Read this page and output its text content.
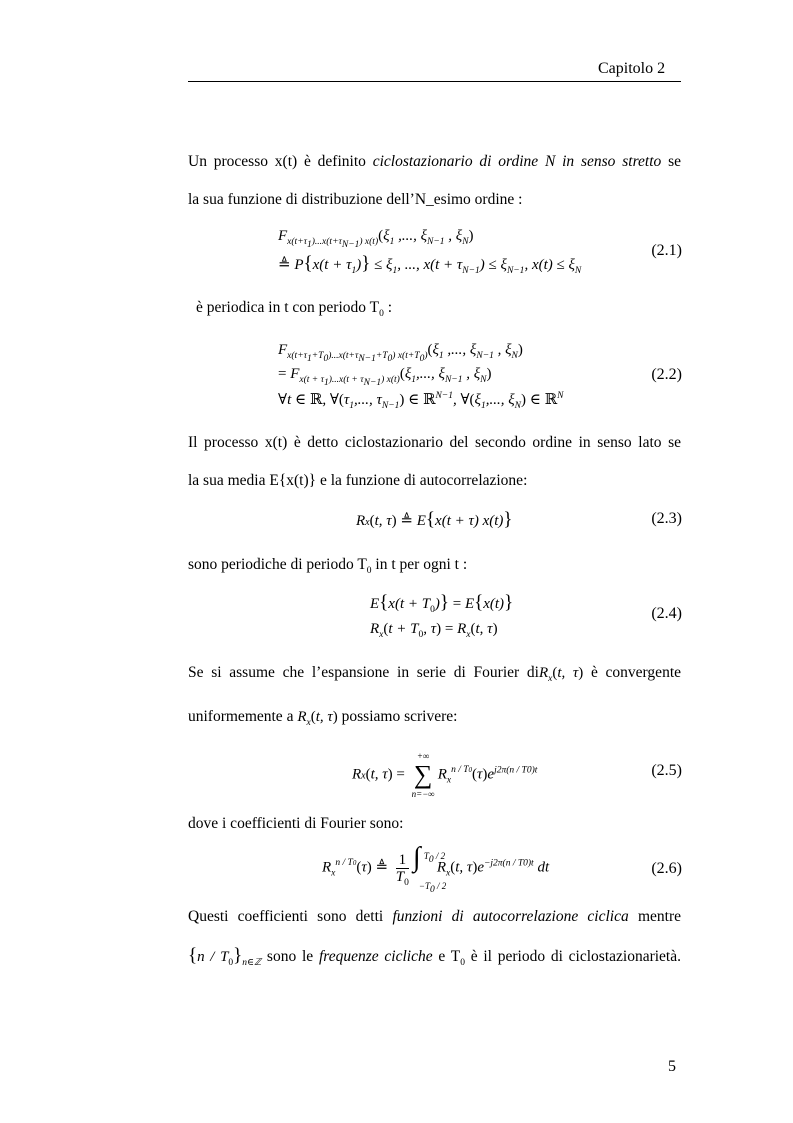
Capitolo 2
Un processo x(t) è definito ciclostazionario di ordine N in senso stretto se
la sua funzione di distribuzione dell’N_esimo ordine :
$F_{x(t+\tau_1)...x(t+\tau_{N-1}) x(t)}(\xi_1$ ,..., $\xi_{N-1}$ , $\xi_N$)
≜ $P\{x(t + \tau_1)\} \le \xi_1$, ..., $x(t + \tau_{N-1}) \le \xi_{N-1}$, $x(t) \le \xi_N$
(2.1)
è periodica in t con periodo $T_0$ :
$F_{x(t+\tau_1+T_0)...x(t+\tau_{N-1}+T_0) x(t+T_0)}(\xi_1$ ,..., $\xi_{N-1}$ , $\xi_N$)
= $F_{x(t + \tau_1)...x(t + \tau_{N-1}) x(t)}(\xi_1$,..., $\xi_{N-1}$ , $\xi_N$)
∀t ∈ ℝ, $\forall(\tau_1$,..., $\tau_{N-1}$) ∈ ℝ$^{N-1}$, $\forall(\xi_1$,..., $\xi_N$) ∈ ℝ$^N$
(2.2)
Il processo x(t) è detto ciclostazionario del secondo ordine in senso lato se
la sua media E{x(t)} e la funzione di autocorrelazione:
Rx(t, τ) ≜ E{x(t + τ) x(t)}	(2.3)
sono periodiche di periodo $T_0$ in t per ogni t :
$E\{x(t + T_0)\} = E\{x(t)\}$
$R_x(t + T_0$, $\tau) = R_x(t$, τ)
(2.4)
Se si assume che l’espansione in serie di Fourier diR$_x$(t, τ) è convergente
uniformemente a $R_x(t$, τ) possiamo scrivere:
Rx(t, τ) =
+∞
∑
n=−∞
$R_x^{n / T0}(\tau)e^{j2\pi(n / T0)t}$	(2.5)
dove i coefficienti di Fourier sono:
$R_x^{n / T0}(\tau)$ ≜ $\frac{1}{T_0}$ ∫ $T_0 / 2$
$-T_0 / 2$
$R_x(t$, $\tau)e^{-j2\pi(n / T0)t}$ dt	(2.6)
Questi coefficienti sono detti funzioni di autocorrelazione ciclica mentre
$\{n / T_0\}_{n\in ℤ}$ sono le frequenze cicliche e $T_0$ è il periodo di ciclostazionarietà.
5
